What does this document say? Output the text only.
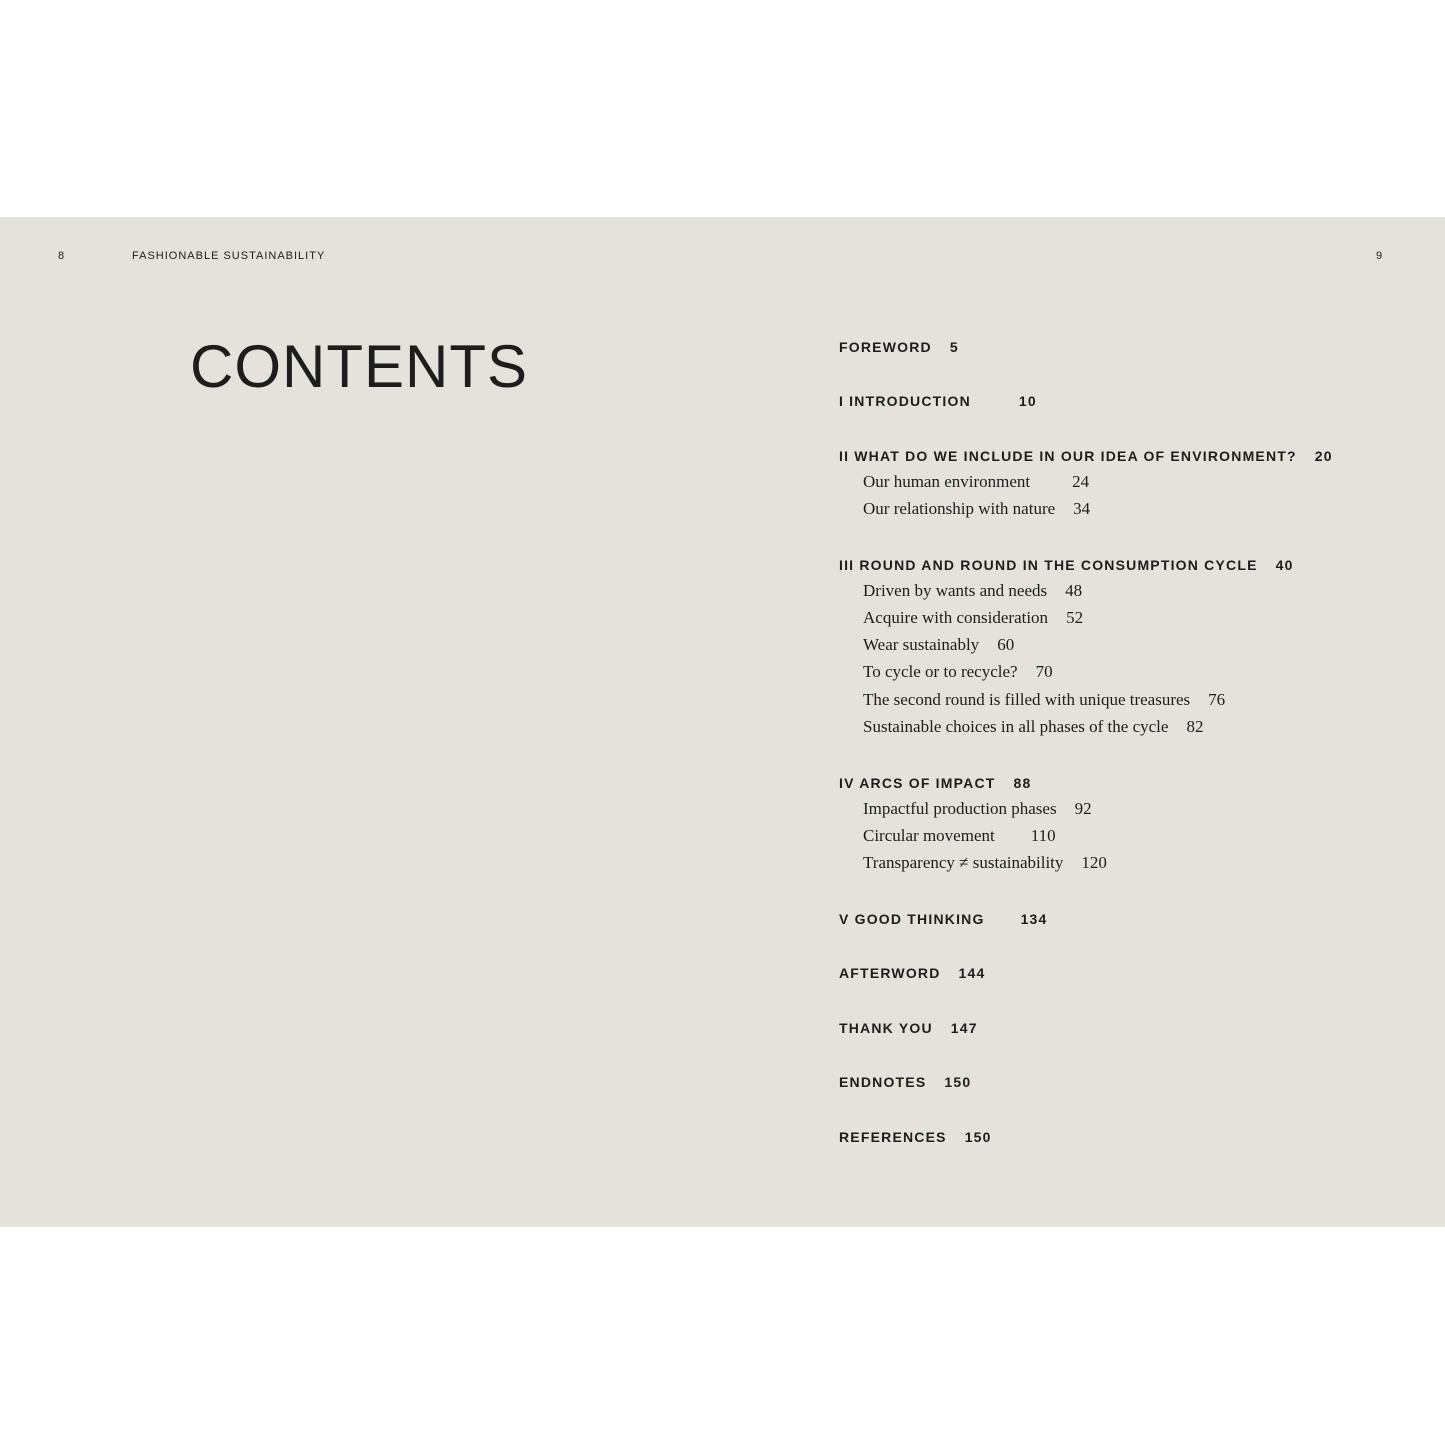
8	FASHIONABLE SUSTAINABILITY	9
CONTENTS	FOREWORD 5
I INTRODUCTION	10
II WHAT DO WE INCLUDE IN OUR IDEA OF ENVIRONMENT? 20
Our human environment 24
Our relationship with nature 34
III ROUND AND ROUND IN THE CONSUMPTION CYCLE 40
Driven by wants and needs 48
Acquire with consideration 52
Wear sustainably 60
To cycle or to recycle? 70
The second round is filled with unique treasures 76
Sustainable choices in all phases of the cycle 82
IV ARCS OF IMPACT 88
Impactful production phases 92
Circular movement 110
Transparency ≠ sustainability 120
V GOOD THINKING	134
AFTERWORD 144
THANK YOU 147
ENDNOTES 150
REFERENCES 150
